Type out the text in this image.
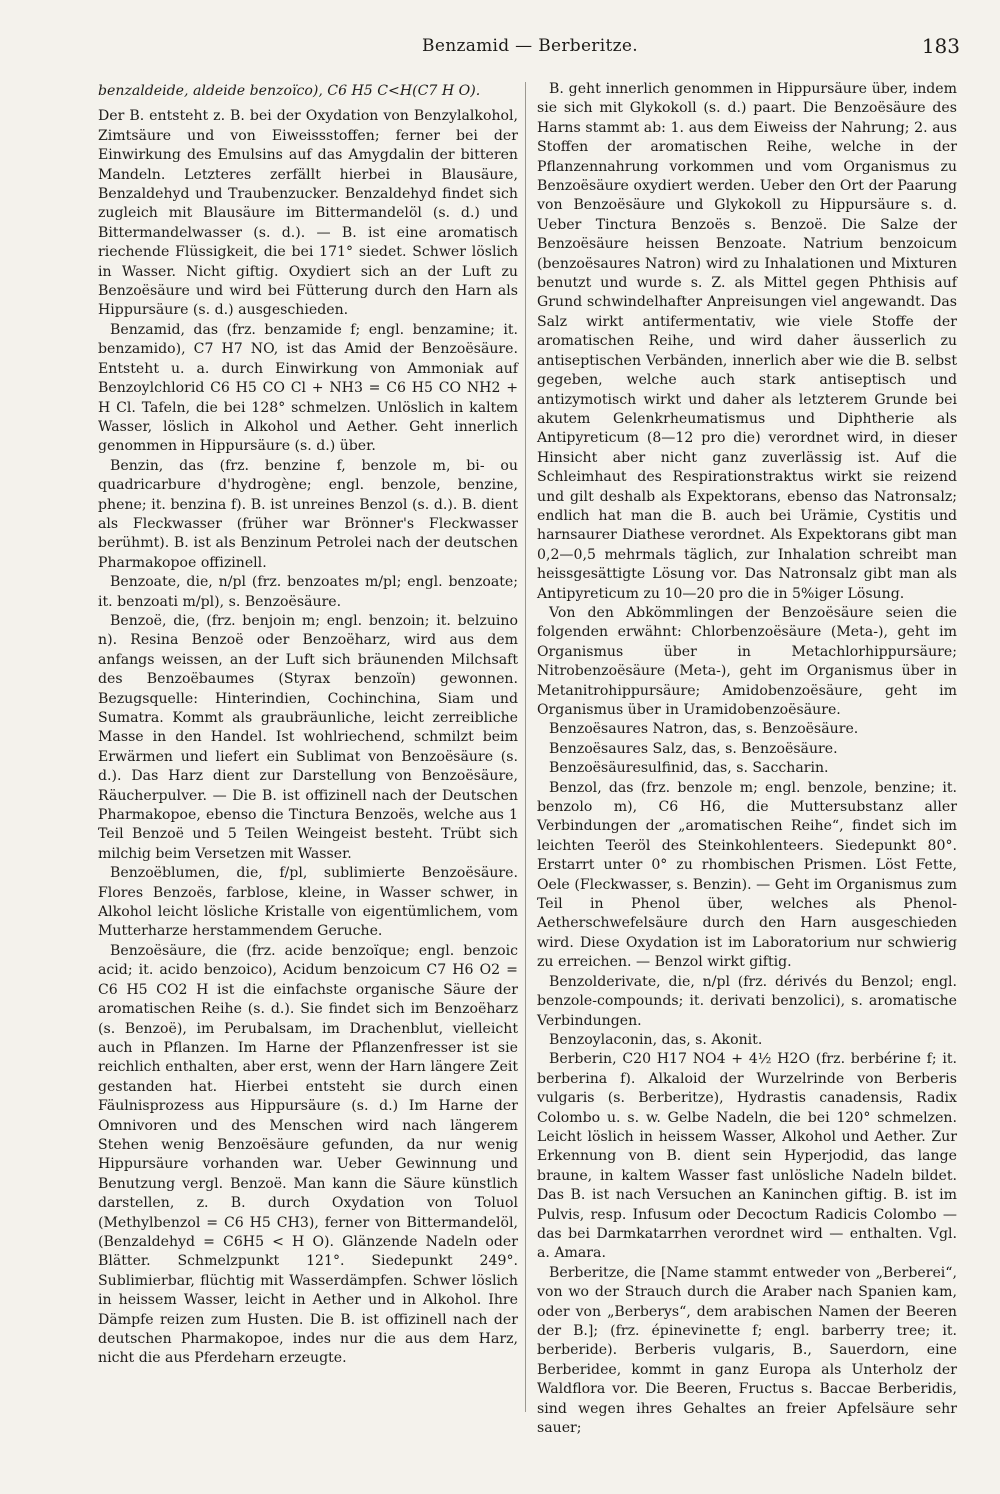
Benzamid — Berberitze.	183

benzaldeide, aldeide benzoïco), C6 H5 C<H(C7 H O).

Der B. entsteht z. B. bei der Oxydation von Benzylalkohol, Zimtsäure und von Eiweissstoffen; ferner bei der Einwirkung des Emulsins auf das Amygdalin der bitteren Mandeln. Letzteres zerfällt hierbei in Blausäure, Benzaldehyd und Traubenzucker. Benzaldehyd findet sich zugleich mit Blausäure im Bittermandelöl (s. d.) und Bittermandelwasser (s. d.). — B. ist eine aromatisch riechende Flüssigkeit, die bei 171° siedet. Schwer löslich in Wasser. Nicht giftig. Oxydiert sich an der Luft zu Benzoësäure und wird bei Fütterung durch den Harn als Hippursäure (s. d.) ausgeschieden.

Benzamid, das (frz. benzamide f; engl. benzamine; it. benzamido), C7 H7 NO, ist das Amid der Benzoësäure. Entsteht u. a. durch Einwirkung von Ammoniak auf Benzoylchlorid C6 H5 CO Cl + NH3 = C6 H5 CO NH2 + H Cl. Tafeln, die bei 128° schmelzen. Unlöslich in kaltem Wasser, löslich in Alkohol und Aether. Geht innerlich genommen in Hippursäure (s. d.) über.

Benzin, das (frz. benzine f, benzole m, bi- ou quadricarbure d'hydrogène; engl. benzole, benzine, phene; it. benzina f). B. ist unreines Benzol (s. d.). B. dient als Fleckwasser (früher war Brönner's Fleckwasser berühmt). B. ist als Benzinum Petrolei nach der deutschen Pharmakopoe offizinell.

Benzoate, die, n/pl (frz. benzoates m/pl; engl. benzoate; it. benzoati m/pl), s. Benzoësäure.

Benzoë, die, (frz. benjoin m; engl. benzoin; it. belzuino n). Resina Benzoë oder Benzoëharz, wird aus dem anfangs weissen, an der Luft sich bräunenden Milchsaft des Benzoëbaumes (Styrax benzoïn) gewonnen. Bezugsquelle: Hinterindien, Cochinchina, Siam und Sumatra. Kommt als graubräunliche, leicht zerreibliche Masse in den Handel. Ist wohlriechend, schmilzt beim Erwärmen und liefert ein Sublimat von Benzoësäure (s. d.). Das Harz dient zur Darstellung von Benzoësäure, Räucherpulver. — Die B. ist offizinell nach der Deutschen Pharmakopoe, ebenso die Tinctura Benzoës, welche aus 1 Teil Benzoë und 5 Teilen Weingeist besteht. Trübt sich milchig beim Versetzen mit Wasser.

Benzoëblumen, die, f/pl, sublimierte Benzoësäure. Flores Benzoës, farblose, kleine, in Wasser schwer, in Alkohol leicht lösliche Kristalle von eigentümlichem, vom Mutterharze herstammendem Geruche.

Benzoësäure, die (frz. acide benzoïque; engl. benzoic acid; it. acido benzoico), Acidum benzoicum C7 H6 O2 = C6 H5 CO2 H ist die einfachste organische Säure der aromatischen Reihe (s. d.). Sie findet sich im Benzoëharz (s. Benzoë), im Perubalsam, im Drachenblut, vielleicht auch in Pflanzen. Im Harne der Pflanzenfresser ist sie reichlich enthalten, aber erst, wenn der Harn längere Zeit gestanden hat. Hierbei entsteht sie durch einen Fäulnisprozess aus Hippursäure (s. d.) Im Harne der Omnivoren und des Menschen wird nach längerem Stehen wenig Benzoësäure gefunden, da nur wenig Hippursäure vorhanden war. Ueber Gewinnung und Benutzung vergl. Benzoë. Man kann die Säure künstlich darstellen, z. B. durch Oxydation von Toluol (Methylbenzol = C6 H5 CH3), ferner von Bittermandelöl, (Benzaldehyd = C6H5 < H O). Glänzende Nadeln oder Blätter. Schmelzpunkt 121°. Siedepunkt 249°. Sublimierbar, flüchtig mit Wasserdämpfen. Schwer löslich in heissem Wasser, leicht in Aether und in Alkohol. Ihre Dämpfe reizen zum Husten. Die B. ist offizinell nach der deutschen Pharmakopoe, indes nur die aus dem Harz, nicht die aus Pferdeharn erzeugte.

B. geht innerlich genommen in Hippursäure über, indem sie sich mit Glykokoll (s. d.) paart. Die Benzoësäure des Harns stammt ab: 1. aus dem Eiweiss der Nahrung; 2. aus Stoffen der aromatischen Reihe, welche in der Pflanzennahrung vorkommen und vom Organismus zu Benzoësäure oxydiert werden. Ueber den Ort der Paarung von Benzoësäure und Glykokoll zu Hippursäure s. d. Ueber Tinctura Benzoës s. Benzoë. Die Salze der Benzoësäure heissen Benzoate. Natrium benzoicum (benzoësaures Natron) wird zu Inhalationen und Mixturen benutzt und wurde s. Z. als Mittel gegen Phthisis auf Grund schwindelhafter Anpreisungen viel angewandt. Das Salz wirkt antifermentativ, wie viele Stoffe der aromatischen Reihe, und wird daher äusserlich zu antiseptischen Verbänden, innerlich aber wie die B. selbst gegeben, welche auch stark antiseptisch und antizymotisch wirkt und daher als letzterem Grunde bei akutem Gelenkrheumatismus und Diphtherie als Antipyreticum (8—12 pro die) verordnet wird, in dieser Hinsicht aber nicht ganz zuverlässig ist. Auf die Schleimhaut des Respirationstraktus wirkt sie reizend und gilt deshalb als Expektorans, ebenso das Natronsalz; endlich hat man die B. auch bei Urämie, Cystitis und harnsaurer Diathese verordnet. Als Expektorans gibt man 0,2—0,5 mehrmals täglich, zur Inhalation schreibt man heissgesättigte Lösung vor. Das Natronsalz gibt man als Antipyreticum zu 10—20 pro die in 5%iger Lösung.

Von den Abkömmlingen der Benzoësäure seien die folgenden erwähnt: Chlorbenzoësäure (Meta-), geht im Organismus über in Metachlorhippursäure; Nitrobenzoësäure (Meta-), geht im Organismus über in Metanitrohippursäure; Amidobenzoësäure, geht im Organismus über in Uramidobenzoësäure.

Benzoësaures Natron, das, s. Benzoësäure.

Benzoësaures Salz, das, s. Benzoësäure.

Benzoësäuresulfinid, das, s. Saccharin.

Benzol, das (frz. benzole m; engl. benzole, benzine; it. benzolo m), C6 H6, die Muttersubstanz aller Verbindungen der „aromatischen Reihe“, findet sich im leichten Teeröl des Steinkohlenteers. Siedepunkt 80°. Erstarrt unter 0° zu rhombischen Prismen. Löst Fette, Oele (Fleckwasser, s. Benzin). — Geht im Organismus zum Teil in Phenol über, welches als Phenol-Aetherschwefelsäure durch den Harn ausgeschieden wird. Diese Oxydation ist im Laboratorium nur schwierig zu erreichen. — Benzol wirkt giftig.

Benzolderivate, die, n/pl (frz. dérivés du Benzol; engl. benzole-compounds; it. derivati benzolici), s. aromatische Verbindungen.

Benzoylaconin, das, s. Akonit.

Berberin, C20 H17 NO4 + 4½ H2O (frz. berbérine f; it. berberina f). Alkaloid der Wurzelrinde von Berberis vulgaris (s. Berberitze), Hydrastis canadensis, Radix Colombo u. s. w. Gelbe Nadeln, die bei 120° schmelzen. Leicht löslich in heissem Wasser, Alkohol und Aether. Zur Erkennung von B. dient sein Hyperjodid, das lange braune, in kaltem Wasser fast unlösliche Nadeln bildet. Das B. ist nach Versuchen an Kaninchen giftig. B. ist im Pulvis, resp. Infusum oder Decoctum Radicis Colombo — das bei Darmkatarrhen verordnet wird — enthalten. Vgl. a. Amara.

Berberitze, die [Name stammt entweder von „Berberei“, von wo der Strauch durch die Araber nach Spanien kam, oder von „Berberys“, dem arabischen Namen der Beeren der B.]; (frz. épinevinette f; engl. barberry tree; it. berberide). Berberis vulgaris, B., Sauerdorn, eine Berberidee, kommt in ganz Europa als Unterholz der Waldflora vor. Die Beeren, Fructus s. Baccae Berberidis, sind wegen ihres Gehaltes an freier Apfelsäure sehr sauer;
